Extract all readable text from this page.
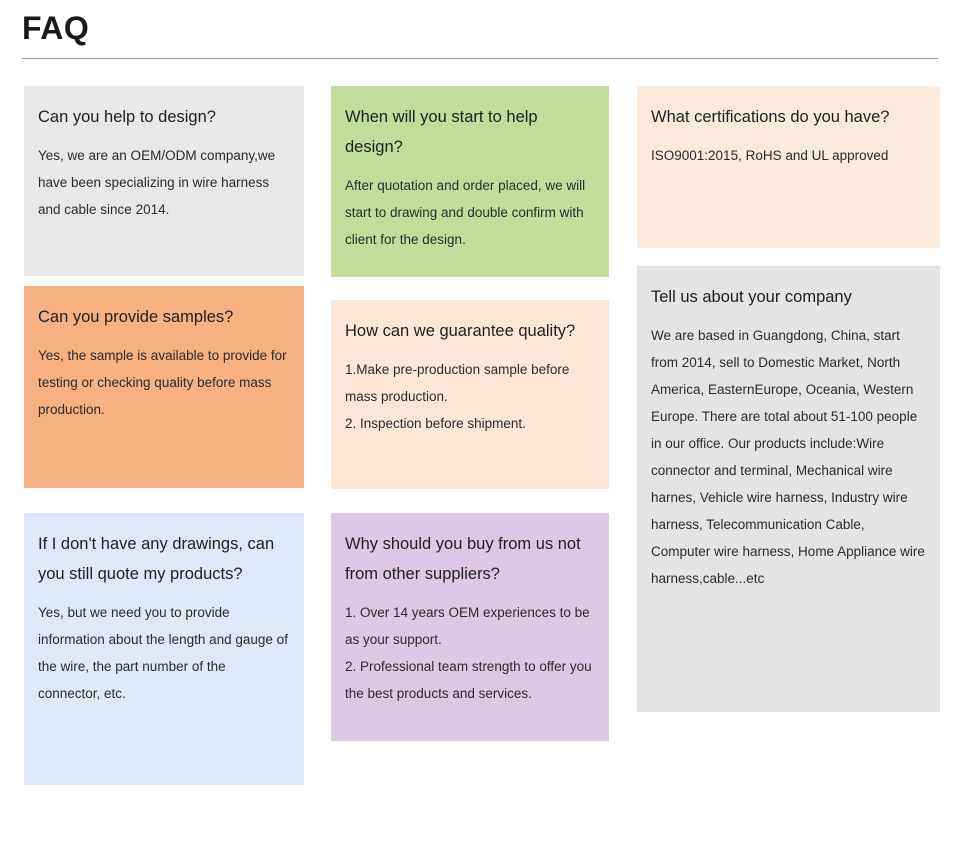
FAQ
Can you help to design?

Yes, we are an OEM/ODM company,we have been specializing in wire harness and cable since 2014.

When will you start to help design?

After quotation and order placed, we will start to drawing and double confirm with client for the design.

What certifications do you have?

ISO9001:2015, RoHS and UL approved

Can you provide samples?

Yes, the sample is available to provide for testing or checking quality before mass production.

How can we guarantee quality?

1.Make pre-production sample before mass production.

2. Inspection before shipment.

Tell us about your company

We are based in Guangdong, China, start from 2014, sell to Domestic Market, North America, EasternEurope, Oceania, Western Europe. There are total about 51-100 people in our office. Our products include:Wire connector and terminal, Mechanical wire harnes, Vehicle wire harness, Industry wire harness, Telecommunication Cable, Computer wire harness, Home Appliance wire harness,cable...etc

If I don't have any drawings, can you still quote my products?

Yes, but we need you to provide information about the length and gauge of the wire, the part number of the connector, etc.

Why should you buy from us not from other suppliers?

1. Over 14 years OEM experiences to be as your support.

2. Professional team strength to offer you the best products and services.
